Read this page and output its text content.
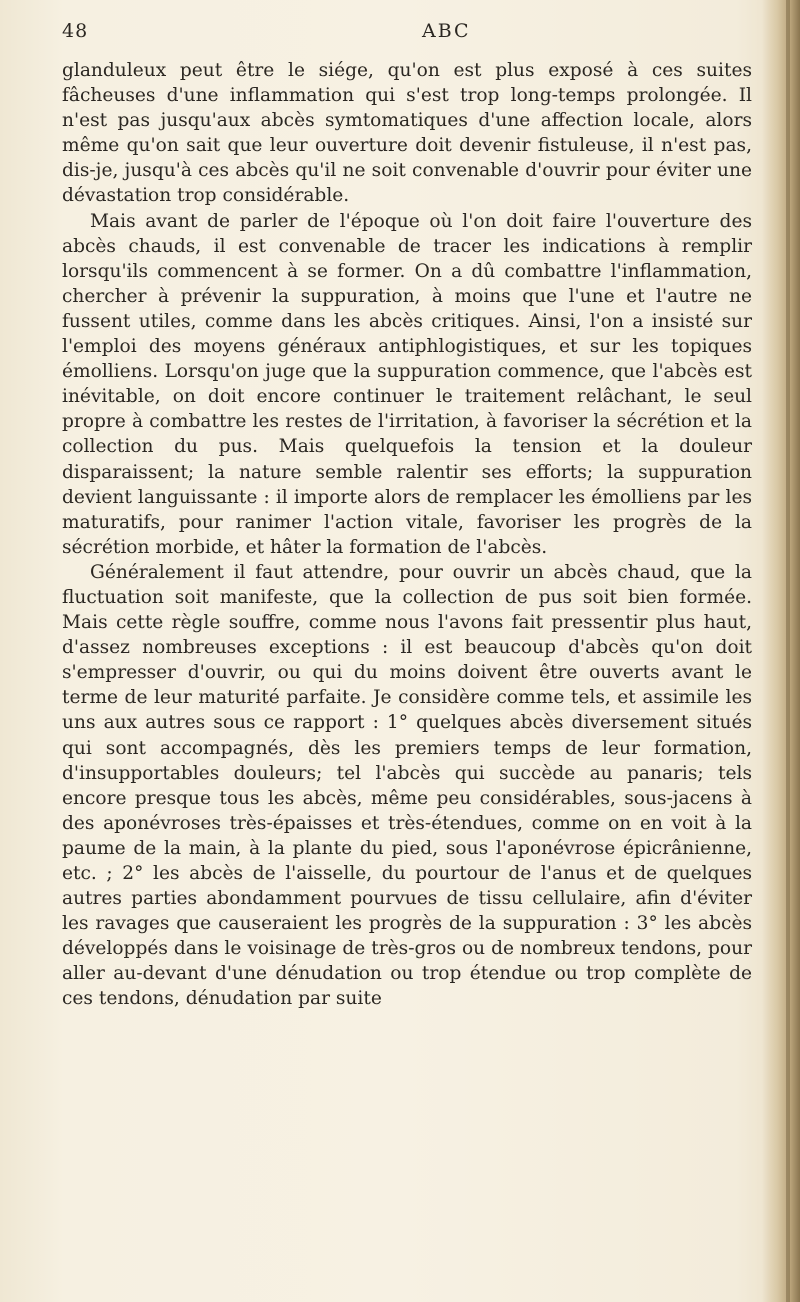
48	ABC

glanduleux peut être le siége, qu'on est plus exposé à ces suites fâcheuses d'une inflammation qui s'est trop long-temps prolongée. Il n'est pas jusqu'aux abcès symtomatiques d'une affection locale, alors même qu'on sait que leur ouverture doit devenir fistuleuse, il n'est pas, dis-je, jusqu'à ces abcès qu'il ne soit convenable d'ouvrir pour éviter une dévastation trop considérable.

Mais avant de parler de l'époque où l'on doit faire l'ouverture des abcès chauds, il est convenable de tracer les indications à remplir lorsqu'ils commencent à se former. On a dû combattre l'inflammation, chercher à prévenir la suppuration, à moins que l'une et l'autre ne fussent utiles, comme dans les abcès critiques. Ainsi, l'on a insisté sur l'emploi des moyens généraux antiphlogistiques, et sur les topiques émolliens. Lorsqu'on juge que la suppuration commence, que l'abcès est inévitable, on doit encore continuer le traitement relâchant, le seul propre à combattre les restes de l'irritation, à favoriser la sécrétion et la collection du pus. Mais quelquefois la tension et la douleur disparaissent; la nature semble ralentir ses efforts; la suppuration devient languissante : il importe alors de remplacer les émolliens par les maturatifs, pour ranimer l'action vitale, favoriser les progrès de la sécrétion morbide, et hâter la formation de l'abcès.

Généralement il faut attendre, pour ouvrir un abcès chaud, que la fluctuation soit manifeste, que la collection de pus soit bien formée. Mais cette règle souffre, comme nous l'avons fait pressentir plus haut, d'assez nombreuses exceptions : il est beaucoup d'abcès qu'on doit s'empresser d'ouvrir, ou qui du moins doivent être ouverts avant le terme de leur maturité parfaite. Je considère comme tels, et assimile les uns aux autres sous ce rapport : 1° quelques abcès diversement situés qui sont accompagnés, dès les premiers temps de leur formation, d'insupportables douleurs; tel l'abcès qui succède au panaris; tels encore presque tous les abcès, même peu considérables, sous-jacens à des aponévroses très-épaisses et très-étendues, comme on en voit à la paume de la main, à la plante du pied, sous l'aponévrose épicrânienne, etc. ; 2° les abcès de l'aisselle, du pourtour de l'anus et de quelques autres parties abondamment pourvues de tissu cellulaire, afin d'éviter les ravages que causeraient les progrès de la suppuration : 3° les abcès développés dans le voisinage de très-gros ou de nombreux tendons, pour aller au-devant d'une dénudation ou trop étendue ou trop complète de ces tendons, dénudation par suite
